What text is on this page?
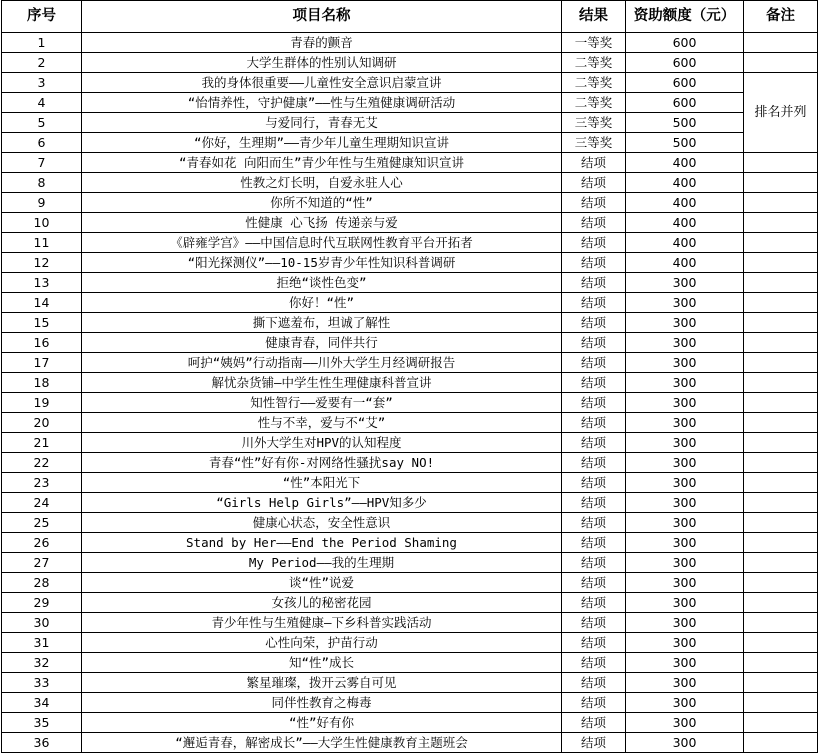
序号	项目名称	结果	资助额度（元）	备注
1	青春的颤音	一等奖	600	
2	大学生群体的性别认知调研	二等奖	600	
3	我的身体很重要——儿童性安全意识启蒙宣讲	二等奖	600	排名并列
4	“怡情养性，守护健康”——性与生殖健康调研活动	二等奖	600	
5	与爱同行，青春无艾	三等奖	500	
6	“你好，生理期”——青少年儿童生理期知识宣讲	三等奖	500	
7	“青春如花 向阳而生”青少年性与生殖健康知识宣讲	结项	400	
8	性教之灯长明，自爱永驻人心	结项	400	
9	你所不知道的“性”	结项	400	
10	性健康 心飞扬 传递亲与爱	结项	400	
11	《辟雍学宫》——中国信息时代互联网性教育平台开拓者	结项	400	
12	“阳光探测仪”——10-15岁青少年性知识科普调研	结项	400	
13	拒绝“谈性色变”	结项	300	
14	你好！“性”	结项	300	
15	撕下遮羞布，坦诚了解性	结项	300	
16	健康青春，同伴共行	结项	300	
17	呵护“姨妈”行动指南——川外大学生月经调研报告	结项	300	
18	解忧杂货铺—中学生性生理健康科普宣讲	结项	300	
19	知性智行——爱要有一“套”	结项	300	
20	性与不幸，爱与不“艾”	结项	300	
21	川外大学生对HPV的认知程度	结项	300	
22	青春“性”好有你-对网络性骚扰say NO!	结项	300	
23	“性”本阳光下	结项	300	
24	“Girls Help Girls”——HPV知多少	结项	300	
25	健康心状态，安全性意识	结项	300	
26	Stand by Her——End the Period Shaming	结项	300	
27	My Period——我的生理期	结项	300	
28	谈“性”说爱	结项	300	
29	女孩儿的秘密花园	结项	300	
30	青少年性与生殖健康—下乡科普实践活动	结项	300	
31	心性向荣，护苗行动	结项	300	
32	知“性”成长	结项	300	
33	繁星璀璨，拨开云雾自可见	结项	300	
34	同伴性教育之梅毒	结项	300	
35	“性”好有你	结项	300	
36	“邂逅青春，解密成长”——大学生性健康教育主题班会	结项	300	
